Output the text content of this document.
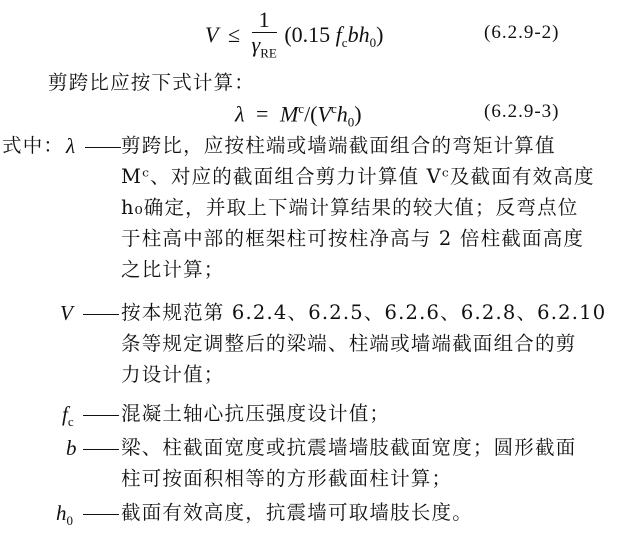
$V \le \frac{1}{\gamma_{RE}} (0.15$ $f_cbh_0$)	(6.2.9-2)
剪跨比应按下式计算：
$\lambda = M^c/(V^ch_0)$	(6.2.9-3)
式中： λ 剪跨比，应按柱端或墙端截面组合的弯矩计算值
Mᶜ、对应的截面组合剪力计算值 Vᶜ及截面有效高度
h₀确定，并取上下端计算结果的较大值；反弯点位
于柱高中部的框架柱可按柱净高与 2 倍柱截面高度
之比计算；
V 按本规范第 6.2.4、6.2.5、6.2.6、6.2.8、6.2.10
条等规定调整后的梁端、柱端或墙端截面组合的剪
力设计值；
$f_c$ 混凝土轴心抗压强度设计值；
b 梁、柱截面宽度或抗震墙墙肢截面宽度；圆形截面
柱可按面积相等的方形截面柱计算；
$h_0$ 截面有效高度，抗震墙可取墙肢长度。
